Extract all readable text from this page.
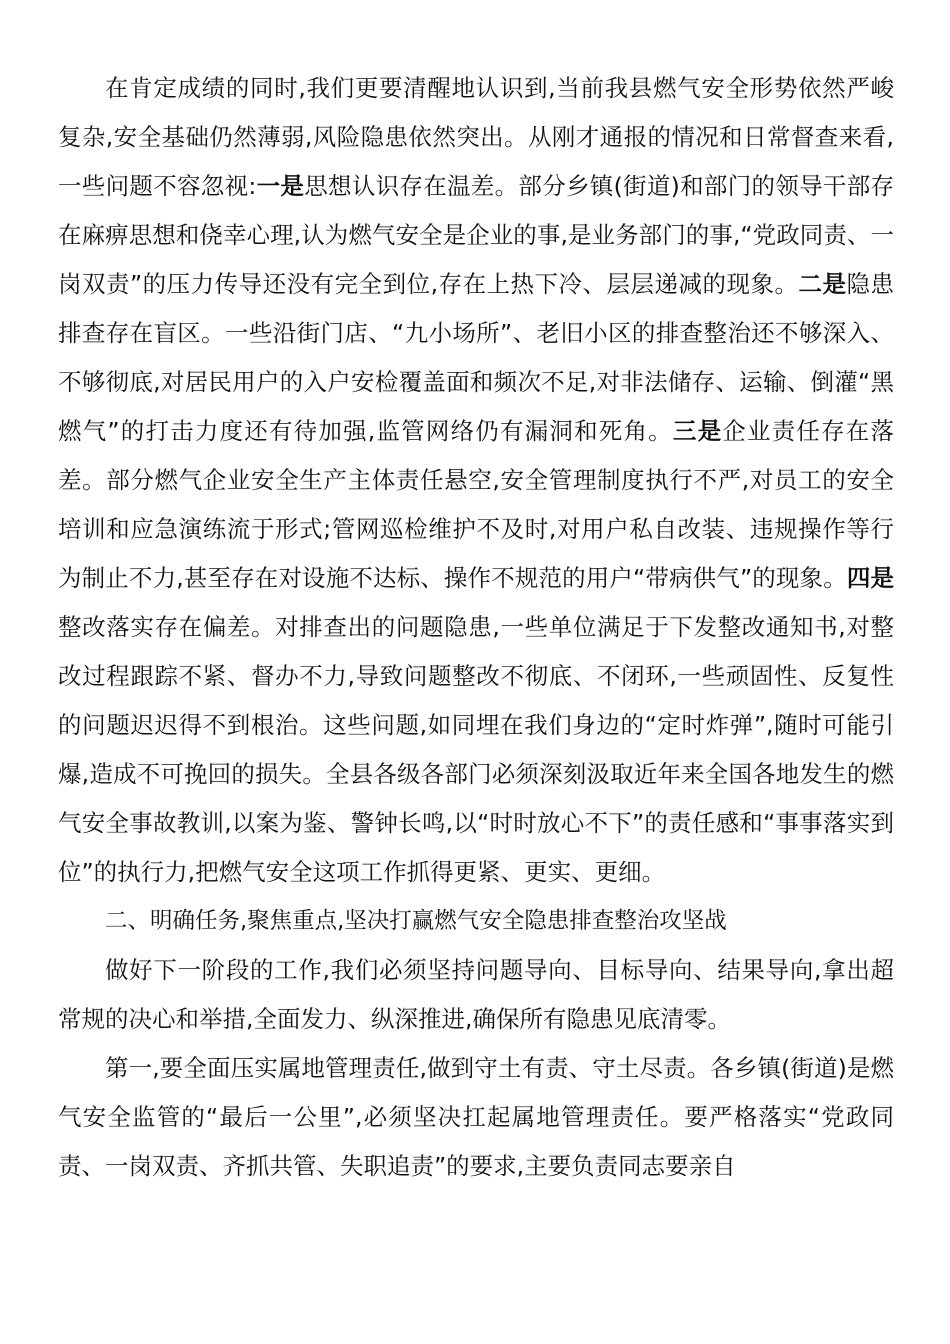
在肯定成绩的同时,我们更要清醒地认识到,当前我县燃气安全形势依然严峻复杂,安全基础仍然薄弱,风险隐患依然突出。从刚才通报的情况和日常督查来看,一些问题不容忽视:一是思想认识存在温差。部分乡镇(街道)和部门的领导干部存在麻痹思想和侥幸心理,认为燃气安全是企业的事,是业务部门的事,“党政同责、一岗双责”的压力传导还没有完全到位,存在上热下冷、层层递减的现象。二是隐患排查存在盲区。一些沿街门店、“九小场所”、老旧小区的排查整治还不够深入、不够彻底,对居民用户的入户安检覆盖面和频次不足,对非法储存、运输、倒灌“黑燃气”的打击力度还有待加强,监管网络仍有漏洞和死角。三是企业责任存在落差。部分燃气企业安全生产主体责任悬空,安全管理制度执行不严,对员工的安全培训和应急演练流于形式;管网巡检维护不及时,对用户私自改装、违规操作等行为制止不力,甚至存在对设施不达标、操作不规范的用户“带病供气”的现象。四是整改落实存在偏差。对排查出的问题隐患,一些单位满足于下发整改通知书,对整改过程跟踪不紧、督办不力,导致问题整改不彻底、不闭环,一些顽固性、反复性的问题迟迟得不到根治。这些问题,如同埋在我们身边的“定时炸弹”,随时可能引爆,造成不可挽回的损失。全县各级各部门必须深刻汲取近年来全国各地发生的燃气安全事故教训,以案为鉴、警钟长鸣,以“时时放心不下”的责任感和“事事落实到位”的执行力,把燃气安全这项工作抓得更紧、更实、更细。

二、明确任务,聚焦重点,坚决打赢燃气安全隐患排查整治攻坚战

做好下一阶段的工作,我们必须坚持问题导向、目标导向、结果导向,拿出超常规的决心和举措,全面发力、纵深推进,确保所有隐患见底清零。

第一,要全面压实属地管理责任,做到守土有责、守土尽责。各乡镇(街道)是燃气安全监管的“最后一公里”,必须坚决扛起属地管理责任。要严格落实“党政同责、一岗双责、齐抓共管、失职追责”的要求,主要负责同志要亲自
